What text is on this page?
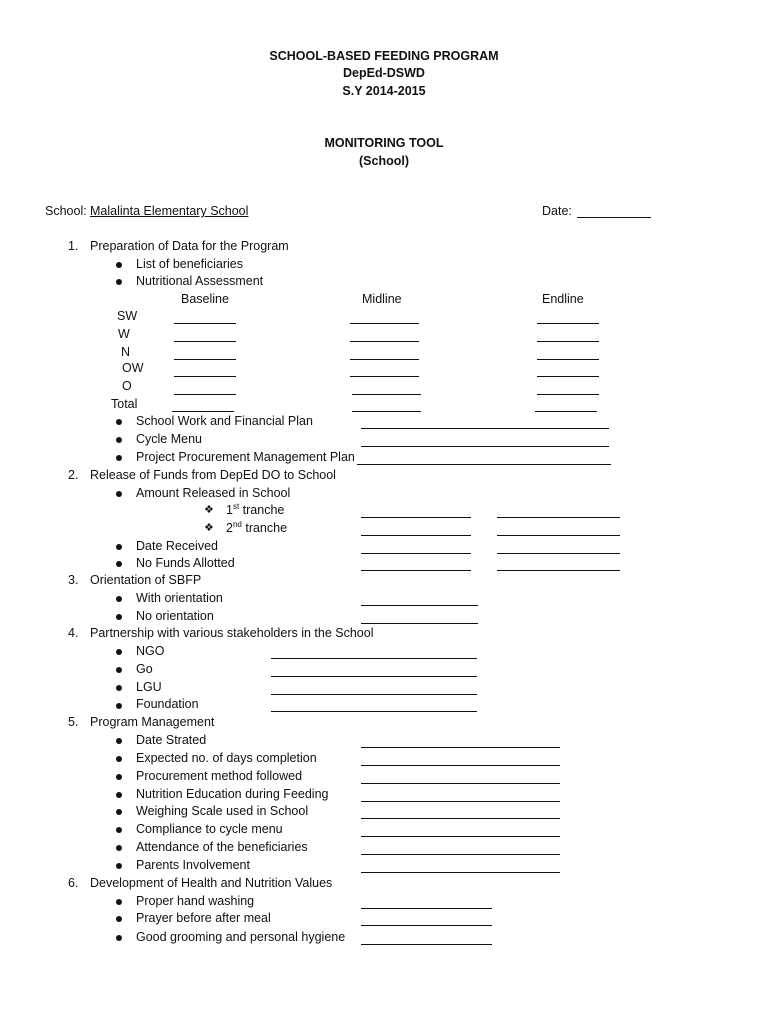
SCHOOL-BASED FEEDING PROGRAM
DepEd-DSWD
S.Y 2014-2015
MONITORING TOOL
(School)
School: Malalinta Elementary School	Date:
1. Preparation of Data for the Program
List of beneficiaries
Nutritional Assessment
Baseline	Midline	Endline
SW
W
N
OW
O
Total
School Work and Financial Plan
Cycle Menu
Project Procurement Management Plan
2. Release of Funds from DepEd DO to School
Amount Released in School
❖ 1st tranche
❖ 2nd tranche
Date Received
No Funds Allotted
3. Orientation of SBFP
With orientation
No orientation
4. Partnership with various stakeholders in the School
NGO
Go
LGU
Foundation
5. Program Management
Date Strated
Expected no. of days completion
Procurement method followed
Nutrition Education during Feeding
Weighing Scale used in School
Compliance to cycle menu
Attendance of the beneficiaries
Parents Involvement
6. Development of Health and Nutrition Values
Proper hand washing
Prayer before after meal
Good grooming and personal hygiene
